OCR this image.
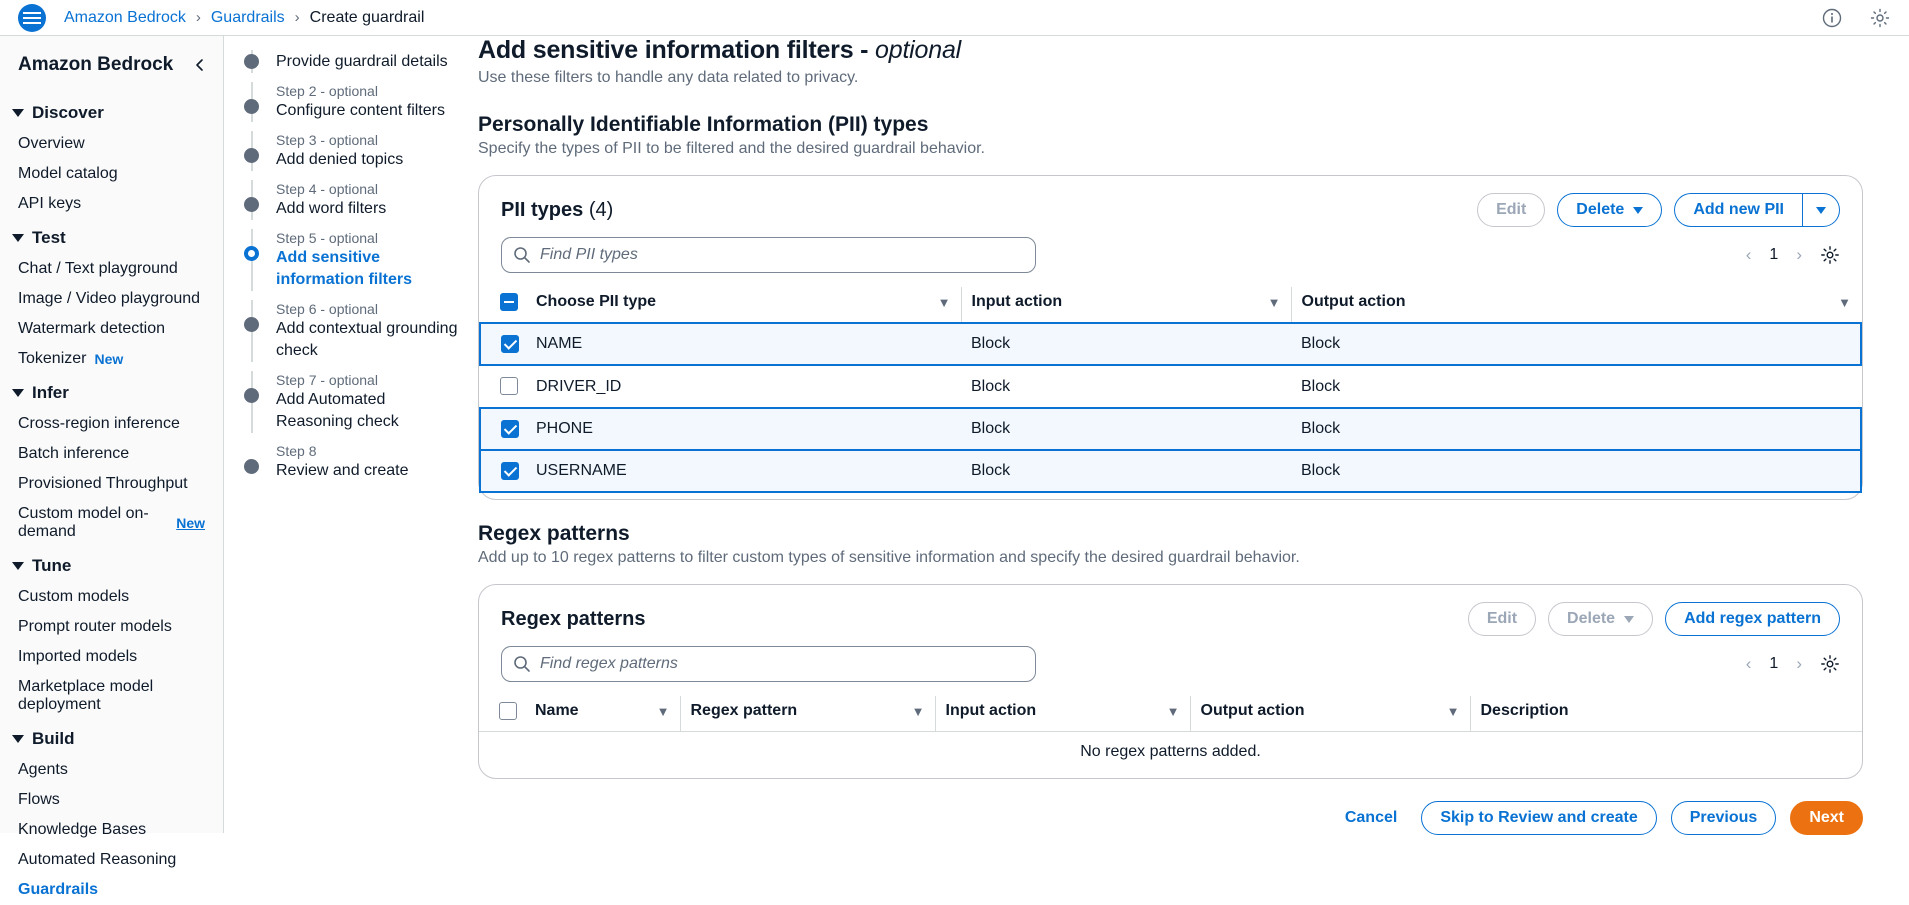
Amazon Bedrock › Guardrails › Create guardrail
Amazon Bedrock
Discover
Overview
Model catalog
API keys
Test
Chat / Text playground
Image / Video playground
Watermark detection
Tokenizer New
Infer
Cross-region inference
Batch inference
Provisioned Throughput
Custom model on-demand	New
Tune
Custom models
Prompt router models
Imported models
Marketplace model deployment
Build
Agents
Flows
Knowledge Bases
Automated Reasoning
Guardrails
Provide guardrail details
Step 2 - optional
Configure content filters
Step 3 - optional
Add denied topics
Step 4 - optional
Add word filters
Step 5 - optional
Add sensitive information filters
Step 6 - optional
Add contextual grounding check
Step 7 - optional
Add Automated Reasoning check
Step 8
Review and create
Add sensitive information filters - optional

Use these filters to handle any data related to privacy.

Personally Identifiable Information (PII) types

Specify the types of PII to be filtered and the desired guardrail behavior.

PII types (4)	Edit	Delete	Add new PII
Find PII types
‹ 1 ›

	Choose PII type ▼	Input action ▼	Output action ▼

	NAME	Block	Block
	DRIVER_ID	Block	Block
	PHONE	Block	Block
	USERNAME	Block	Block
Regex patterns

Add up to 10 regex patterns to filter custom types of sensitive information and specify the desired guardrail behavior.

Regex patterns	Edit	Delete	Add regex pattern
Find regex patterns
‹ 1 ›

Name	▼	Regex pattern	▼	Input action	▼	Output action	▼	Description

No regex patterns added.
Cancel	Skip to Review and create	Previous	Next
